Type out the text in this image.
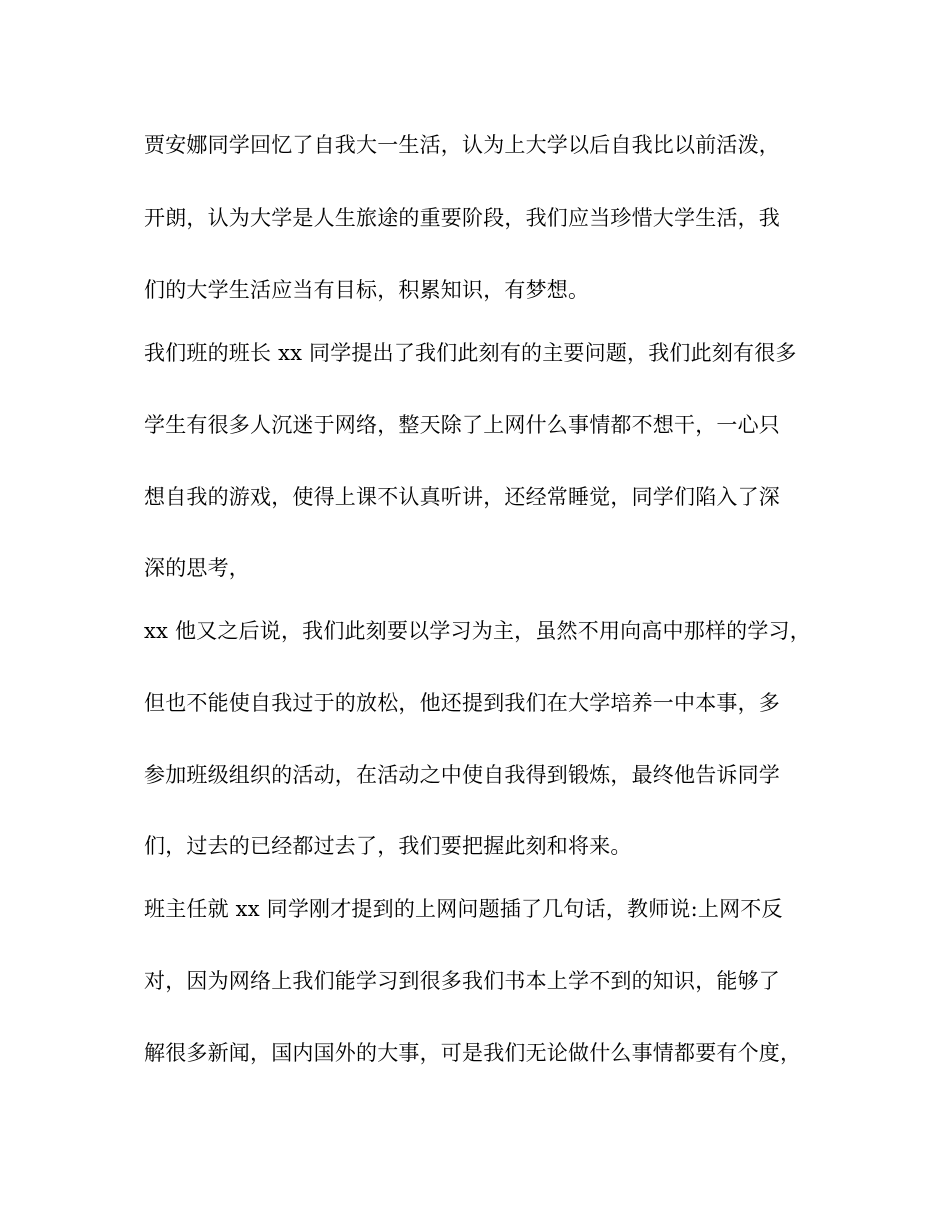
贾安娜同学回忆了自我大一生活，认为上大学以后自我比以前活泼，
开朗，认为大学是人生旅途的重要阶段，我们应当珍惜大学生活，我
们的大学生活应当有目标，积累知识，有梦想。
我们班的班长 xx 同学提出了我们此刻有的主要问题，我们此刻有很多
学生有很多人沉迷于网络，整天除了上网什么事情都不想干，一心只
想自我的游戏，使得上课不认真听讲，还经常睡觉，同学们陷入了深
深的思考，
xx 他又之后说，我们此刻要以学习为主，虽然不用向高中那样的学习，
但也不能使自我过于的放松，他还提到我们在大学培养一中本事，多
参加班级组织的活动，在活动之中使自我得到锻炼，最终他告诉同学
们，过去的已经都过去了，我们要把握此刻和将来。
班主任就 xx 同学刚才提到的上网问题插了几句话，教师说:上网不反
对，因为网络上我们能学习到很多我们书本上学不到的知识，能够了
解很多新闻，国内国外的大事，可是我们无论做什么事情都要有个度，
